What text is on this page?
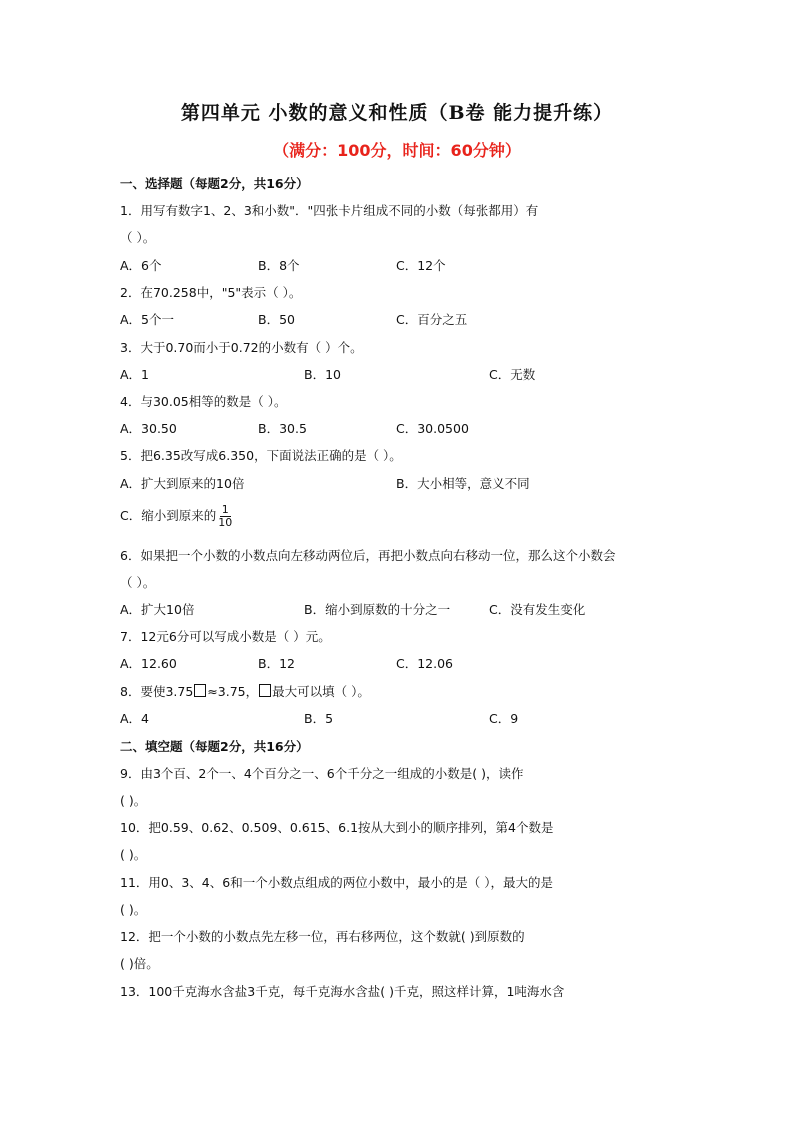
第四单元 小数的意义和性质（B卷 能力提升练）
（满分：100分，时间：60分钟）
一、选择题（每题2分，共16分）
1．用写有数字1、2、3和小数"．"四张卡片组成不同的小数（每张都用）有
（ ）。
A．6个	B．8个	C．12个
2．在70.258中，"5"表示（ ）。
A．5个一	B．50	C．百分之五
3．大于0.70而小于0.72的小数有（ ）个。
A．1	B．10	C．无数
4．与30.05相等的数是（ ）。
A．30.50	B．30.5	C．30.0500
5．把6.35改写成6.350，下面说法正确的是（ ）。
A．扩大到原来的10倍	B．大小相等，意义不同
C．缩小到原来的 $\frac{1}{10}$
6．如果把一个小数的小数点向左移动两位后，再把小数点向右移动一位，那么这个小数会
（ ）。
A．扩大10倍	B．缩小到原数的十分之一	C．没有发生变化
7．12元6分可以写成小数是（ ）元。
A．12.60	B．12	C．12.06
8．要使3.75 ≈3.75， 最大可以填（ ）。
A．4	B．5	C．9
二、填空题（每题2分，共16分）
9．由3个百、2个一、4个百分之一、6个千分之一组成的小数是( )，读作
( )。
10．把0.59、0.62、0.509、0.615、6.1按从大到小的顺序排列，第4个数是
( )。
11．用0、3、4、6和一个小数点组成的两位小数中，最小的是（ ），最大的是
( )。
12．把一个小数的小数点先左移一位，再右移两位，这个数就( )到原数的
( )倍。
13．100千克海水含盐3千克，每千克海水含盐( )千克，照这样计算，1吨海水含
